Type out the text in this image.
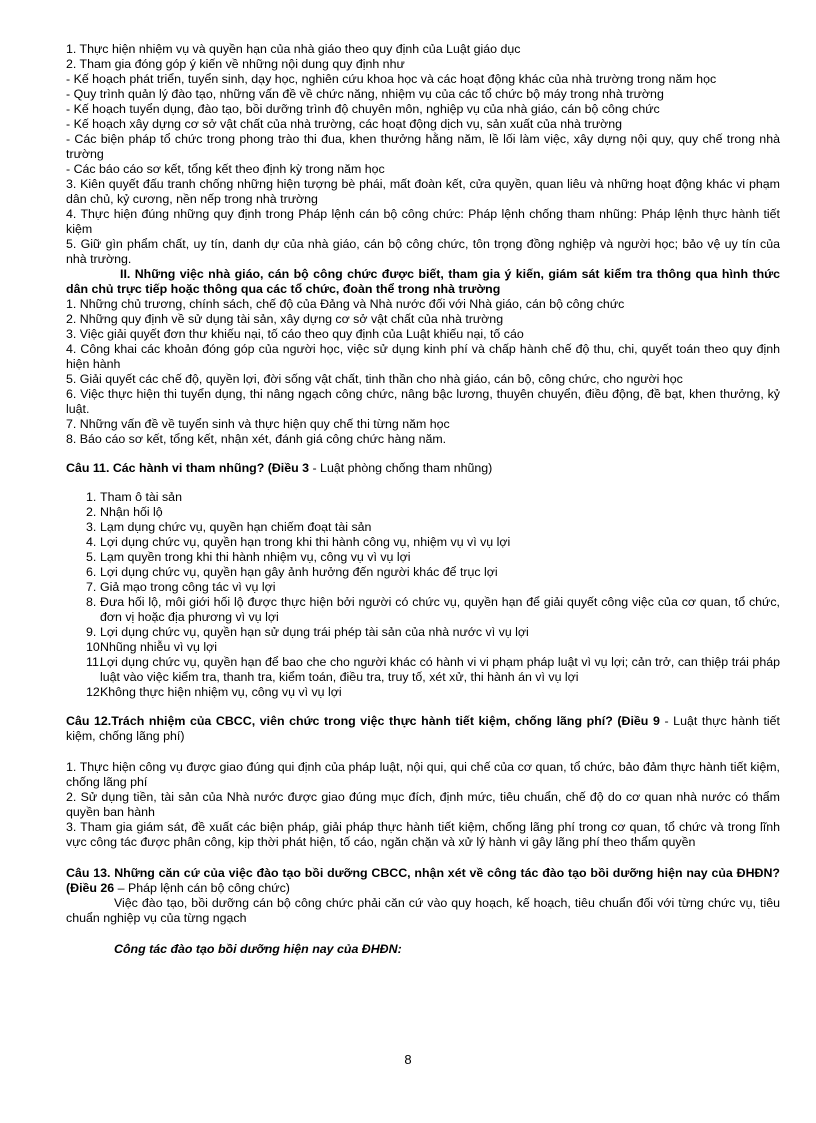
1. Thực hiện nhiệm vụ và quyền hạn của nhà giáo theo quy định của Luật giáo dục

2. Tham gia đóng góp ý kiến về những nội dung quy định như

- Kế hoạch phát triển, tuyển sinh, dạy học, nghiên cứu khoa học và các hoạt động khác của nhà trường trong năm học

- Quy trình quản lý đào tạo, những vấn đề về chức năng, nhiệm vụ của các tổ chức bộ máy trong nhà trường

- Kế hoạch tuyển dụng, đào tạo, bồi dưỡng trình độ chuyên môn, nghiệp vụ của nhà giáo, cán bộ công chức

- Kế hoạch xây dựng cơ sở vật chất của nhà trường, các hoạt động dịch vụ, sản xuất của nhà trường

- Các biện pháp tổ chức trong phong trào thi đua, khen thưởng hằng năm, lề lối làm việc, xây dựng nội quy, quy chế trong nhà trường

- Các báo cáo sơ kết, tổng kết theo định kỳ trong năm học

3. Kiên quyết đấu tranh chống những hiện tượng bè phái, mất đoàn kết, cửa quyền, quan liêu và những hoạt động khác vi phạm dân chủ, kỷ cương, nền nếp trong nhà trường

4. Thực hiện đúng những quy định trong Pháp lệnh cán bộ công chức: Pháp lệnh chống tham nhũng: Pháp lệnh thực hành tiết kiệm

5. Giữ gìn phẩm chất, uy tín, danh dự của nhà giáo, cán bộ công chức, tôn trọng đồng nghiệp và người học; bảo vệ uy tín của nhà trường.

II. Những việc nhà giáo, cán bộ công chức được biết, tham gia ý kiến, giám sát kiểm tra thông qua hình thức dân chủ trực tiếp hoặc thông qua các tổ chức, đoàn thể trong nhà trường

1. Những chủ trương, chính sách, chế độ của Đảng và Nhà nước đối với Nhà giáo, cán bộ công chức

2. Những quy định về sử dụng tài sản, xây dựng cơ sở vật chất của nhà trường

3. Việc giải quyết đơn thư khiếu nại, tố cáo theo quy định của Luật khiếu nại, tố cáo

4. Công khai các khoản đóng góp của người học, việc sử dụng kinh phí và chấp hành chế độ thu, chi, quyết toán theo quy định hiện hành

5. Giải quyết các chế độ, quyền lợi, đời sống vật chất, tinh thần cho nhà giáo, cán bộ, công chức, cho người học

6. Việc thực hiện thi tuyển dụng, thi nâng ngạch công chức, nâng bậc lương, thuyên chuyển, điều động, đề bạt, khen thưởng, kỷ luật.

7. Những vấn đề về tuyển sinh và thực hiện quy chế thi từng năm học

8. Báo cáo sơ kết, tổng kết, nhận xét, đánh giá công chức hàng năm.

Câu 11. Các hành vi tham nhũng? (Điều 3 - Luật phòng chống tham nhũng)

1. Tham ô tài sản
2. Nhận hối lộ
3. Lạm dụng chức vụ, quyền hạn chiếm đoạt tài sản
4. Lợi dụng chức vụ, quyền hạn trong khi thi hành công vụ, nhiệm vụ vì vụ lợi
5. Lạm quyền trong khi thi hành nhiệm vụ, công vụ vì vụ lợi
6. Lợi dụng chức vụ, quyền hạn gây ảnh hưởng đến người khác để trục lợi
7. Giả mạo trong công tác vì vụ lợi
8. Đưa hối lộ, môi giới hối lộ được thực hiện bởi người có chức vụ, quyền hạn để giải quyết công việc của cơ quan, tổ chức, đơn vị hoặc địa phương vì vụ lợi
9. Lợi dụng chức vụ, quyền hạn sử dụng trái phép tài sản của nhà nước vì vụ lợi
10.
Nhũng nhiễu vì vụ lợi
11.
Lợi dụng chức vụ, quyền hạn để bao che cho người khác có hành vi vi phạm pháp luật vì vụ lợi; cản trở, can thiệp trái pháp luật vào việc kiểm tra, thanh tra, kiểm toán, điều tra, truy tố, xét xử, thi hành án vì vụ lợi
12.
Không thực hiện nhiệm vụ, công vụ vì vụ lợi

Câu 12.Trách nhiệm của CBCC, viên chức trong việc thực hành tiết kiệm, chống lãng phí? (Điều 9 - Luật thực hành tiết kiệm, chống lãng phí)

1. Thực hiện công vụ được giao đúng qui định của pháp luật, nội qui, qui chế của cơ quan, tổ chức, bảo đảm thực hành tiết kiệm, chống lãng phí

2. Sử dụng tiền, tài sản của Nhà nước được giao đúng mục đích, định mức, tiêu chuẩn, chế độ do cơ quan nhà nước có thẩm quyền ban hành

3. Tham gia giám sát, đề xuất các biện pháp, giải pháp thực hành tiết kiệm, chống lãng phí trong cơ quan, tổ chức và trong lĩnh vực công tác được phân công, kịp thời phát hiện, tố cáo, ngăn chặn và xử lý hành vi gây lãng phí theo thẩm quyền

Câu 13. Những căn cứ của việc đào tạo bồi dưỡng CBCC, nhận xét về công tác đào tạo bồi dưỡng hiện nay của ĐHĐN? (Điều 26 – Pháp lệnh cán bộ công chức)

Việc đào tạo, bồi dưỡng cán bộ công chức phải căn cứ vào quy hoạch, kế hoạch, tiêu chuẩn đối với từng chức vụ, tiêu chuẩn nghiệp vụ của từng ngạch

Công tác đào tạo bồi dưỡng hiện nay của ĐHĐN:

8
